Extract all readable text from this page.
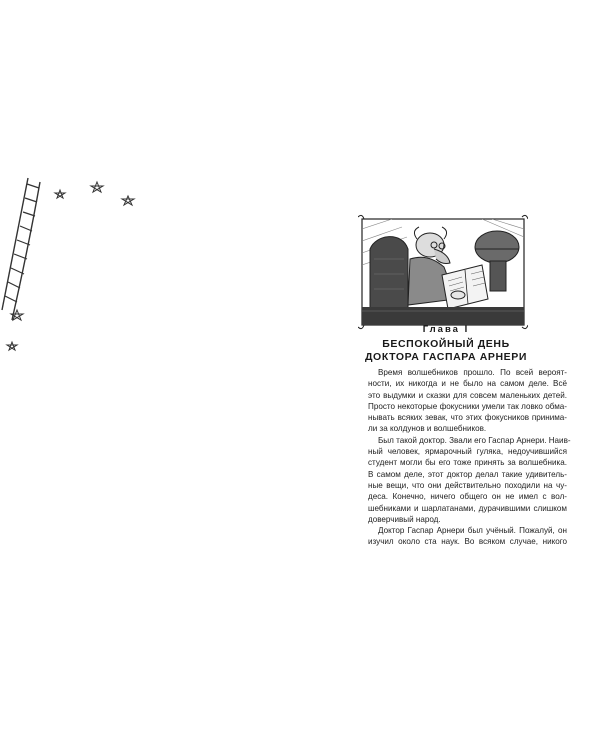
Глава I
БЕСПОКОЙНЫЙ ДЕНЬ
ДОКТОРА ГАСПАРА АРНЕРИ
Время волшебников прошло. По всей вероят-
ности, их никогда и не было на самом деле. Всё
это выдумки и сказки для совсем маленьких детей.
Просто некоторые фокусники умели так ловко обма-
нывать всяких зевак, что этих фокусников принима-
ли за колдунов и волшебников.
Был такой доктор. Звали его Гаспар Арнери. Наив-
ный человек, ярмарочный гуляка, недоучившийся
студент могли бы его тоже принять за волшебника.
В самом деле, этот доктор делал такие удивитель-
ные вещи, что они действительно походили на чу-
деса. Конечно, ничего общего он не имел с вол-
шебниками и шарлатанами, дурачившими слишком
доверчивый народ.
Доктор Гаспар Арнери был учёный. Пожалуй, он
изучил около ста наук. Во всяком случае, никого
